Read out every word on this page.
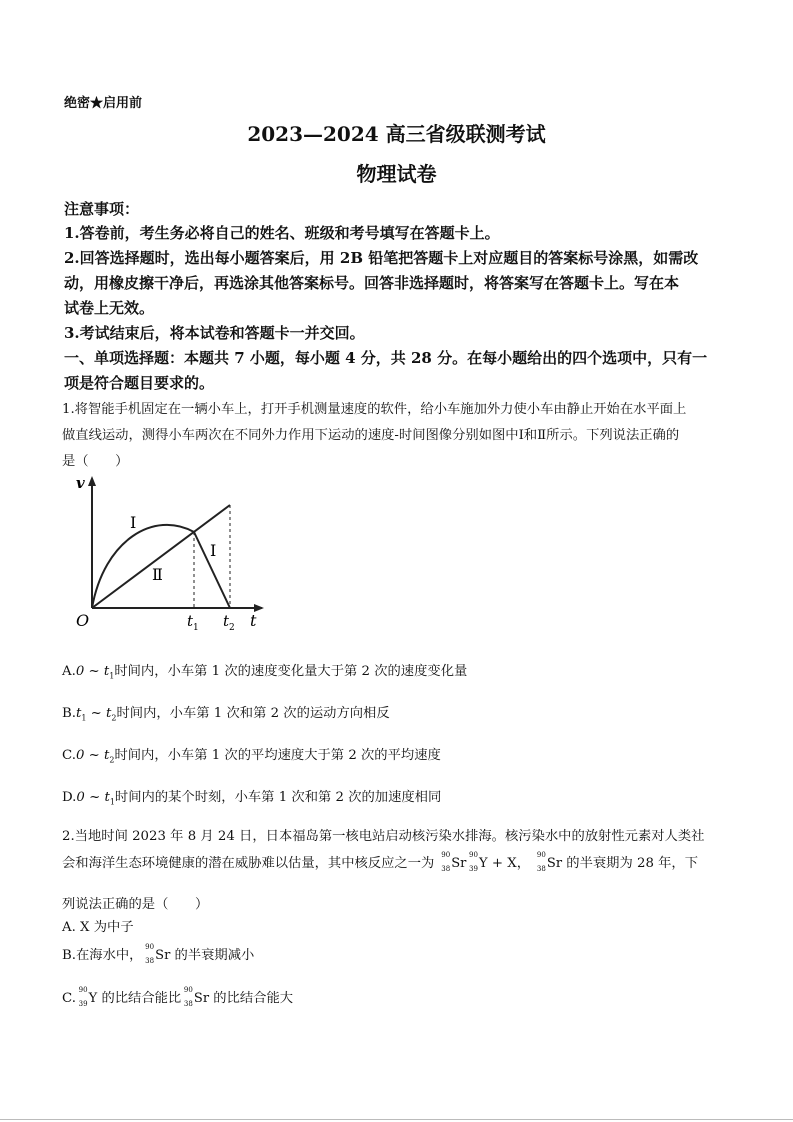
绝密★启用前
2023—2024 高三省级联测考试
物理试卷
注意事项：
1.答卷前，考生务必将自己的姓名、班级和考号填写在答题卡上。
2.回答选择题时，选出每小题答案后，用 2B 铅笔把答题卡上对应题目的答案标号涂黑，如需改
动，用橡皮擦干净后，再选涂其他答案标号。回答非选择题时，将答案写在答题卡上。写在本
试卷上无效。
3.考试结束后，将本试卷和答题卡一并交回。
一、单项选择题：本题共 7 小题，每小题 4 分，共 28 分。在每小题给出的四个选项中，只有一
项是符合题目要求的。
1.将智能手机固定在一辆小车上，打开手机测量速度的软件，给小车施加外力使小车由静止开始在水平面上
做直线运动，测得小车两次在不同外力作用下运动的速度-时间图像分别如图中Ⅰ和Ⅱ所示。下列说法正确的
是（　　）
v
t
O	t 1 t 2
Ⅰ
Ⅱ
Ⅰ
A.0 ~ $t_1$时间内，小车第 1 次的速度变化量大于第 2 次的速度变化量
$B.t_1$ ~ $t_2$时间内，小车第 1 次和第 2 次的运动方向相反
C.0 ~ $t_2$时间内，小车第 1 次的平均速度大于第 2 次的平均速度
D.0 ~ $t_1$时间内的某个时刻，小车第 1 次和第 2 次的加速度相同
2.当地时间 2023 年 8 月 24 日，日本福岛第一核电站启动核污染水排海。核污染水中的放射性元素对人类社
会和海洋生态环境健康的潜在威胁难以估量，其中核反应之一为
90
38 Sr
90
39 Y + X，
90
38 Sr 的半衰期为 28 年，下
列说法正确的是（　　）
A. X 为中子
B.在海水中，
90
38 Sr 的半衰期减小
C.
90
39 Y 的比结合能比
90
38 Sr 的比结合能大
